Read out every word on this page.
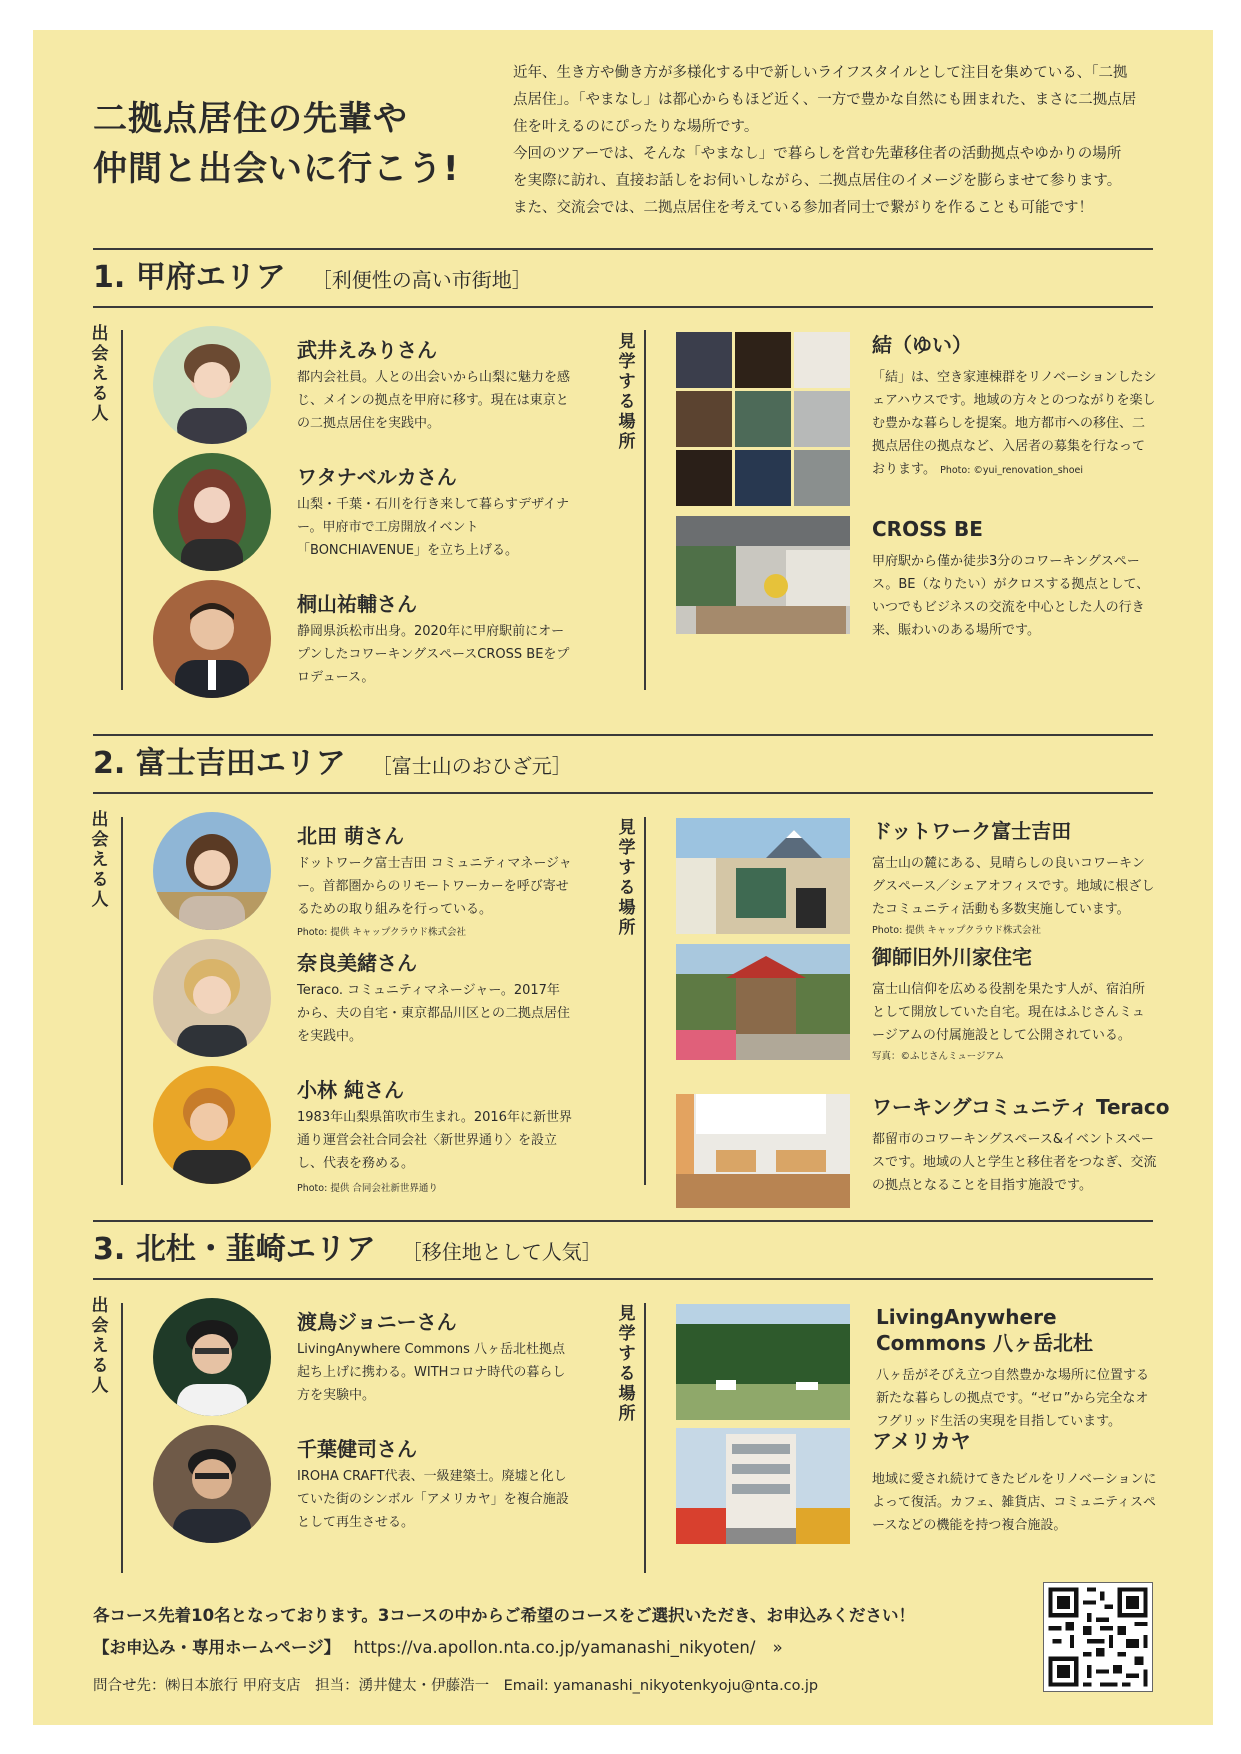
二拠点居住の先輩や
仲間と出会いに行こう!
近年、生き方や働き方が多様化する中で新しいライフスタイルとして注目を集めている、「二拠
点居住」。「やまなし」は都心からもほど近く、一方で豊かな自然にも囲まれた、まさに二拠点居
住を叶えるのにぴったりな場所です。
今回のツアーでは、そんな「やまなし」で暮らしを営む先輩移住者の活動拠点やゆかりの場所
を実際に訪れ、直接お話しをお伺いしながら、二拠点居住のイメージを膨らませて参ります。
また、交流会では、二拠点居住を考えている参加者同士で繋がりを作ることも可能です！
1. 甲府エリア ［利便性の高い市街地］
出
会
え
る
人
武井えみりさん
都内会社員。人との出会いから山梨に魅力を感じ、メインの拠点を甲府に移す。現在は東京との二拠点居住を実践中。
ワタナベルカさん
山梨・千葉・石川を行き来して暮らすデザイナー。甲府市で工房開放イベント「BONCHIAVENUE」を立ち上げる。
桐山祐輔さん
静岡県浜松市出身。2020年に甲府駅前にオープンしたコワーキングスペースCROSS BEをプロデュース。
見
学
す
る
場
所
結（ゆい）
「結」は、空き家連棟群をリノベーションしたシェアハウスです。地域の方々とのつながりを楽しむ豊かな暮らしを提案。地方都市への移住、二拠点居住の拠点など、入居者の募集を行なっております。 Photo: ©yui_renovation_shoei
CROSS BE
甲府駅から僅か徒歩3分のコワーキングスペース。BE（なりたい）がクロスする拠点として、いつでもビジネスの交流を中心とした人の行き来、賑わいのある場所です。
2. 富士吉田エリア ［富士山のおひざ元］
出
会
え
る
人
北田 萌さん
ドットワーク富士吉田 コミュニティマネージャー。首都圏からのリモートワーカーを呼び寄せるための取り組みを行っている。
Photo: 提供 キャップクラウド株式会社
奈良美緒さん
Teraco. コミュニティマネージャー。2017年から、夫の自宅・東京都品川区との二拠点居住を実践中。
小林 純さん
1983年山梨県笛吹市生まれ。2016年に新世界通り運営会社合同会社〈新世界通り〉を設立し、代表を務める。
Photo: 提供 合同会社新世界通り
見
学
す
る
場
所
ドットワーク富士吉田
富士山の麓にある、見晴らしの良いコワーキングスペース／シェアオフィスです。地域に根ざしたコミュニティ活動も多数実施しています。
Photo: 提供 キャップクラウド株式会社
御師旧外川家住宅
富士山信仰を広める役割を果たす人が、宿泊所として開放していた自宅。現在はふじさんミュージアムの付属施設として公開されている。
写真：©ふじさんミュージアム
ワーキングコミュニティ Teraco
都留市のコワーキングスペース&イベントスペースです。地域の人と学生と移住者をつなぎ、交流の拠点となることを目指す施設です。
3. 北杜・韮崎エリア ［移住地として人気］
出
会
え
る
人
渡鳥ジョニーさん
LivingAnywhere Commons 八ヶ岳北杜拠点起ち上げに携わる。WITHコロナ時代の暮らし方を実験中。
千葉健司さん
IROHA CRAFT代表、一級建築士。廃墟と化していた街のシンボル「アメリカヤ」を複合施設として再生させる。
見
学
す
る
場
所
LivingAnywhere
Commons 八ヶ岳北杜
八ヶ岳がそびえ立つ自然豊かな場所に位置する新たな暮らしの拠点です。“ゼロ”から完全なオフグリッド生活の実現を目指しています。
アメリカヤ
地域に愛され続けてきたビルをリノベーションによって復活。カフェ、雑貨店、コミュニティスペースなどの機能を持つ複合施設。
各コース先着10名となっております。3コースの中からご希望のコースをご選択いただき、お申込みください！
【お申込み・専用ホームページ】 https://va.apollon.nta.co.jp/yamanashi_nikyoten/ »
問合せ先：㈱日本旅行 甲府支店　担当：湧井健太・伊藤浩一　Email: yamanashi_nikyotenkyoju@nta.co.jp
